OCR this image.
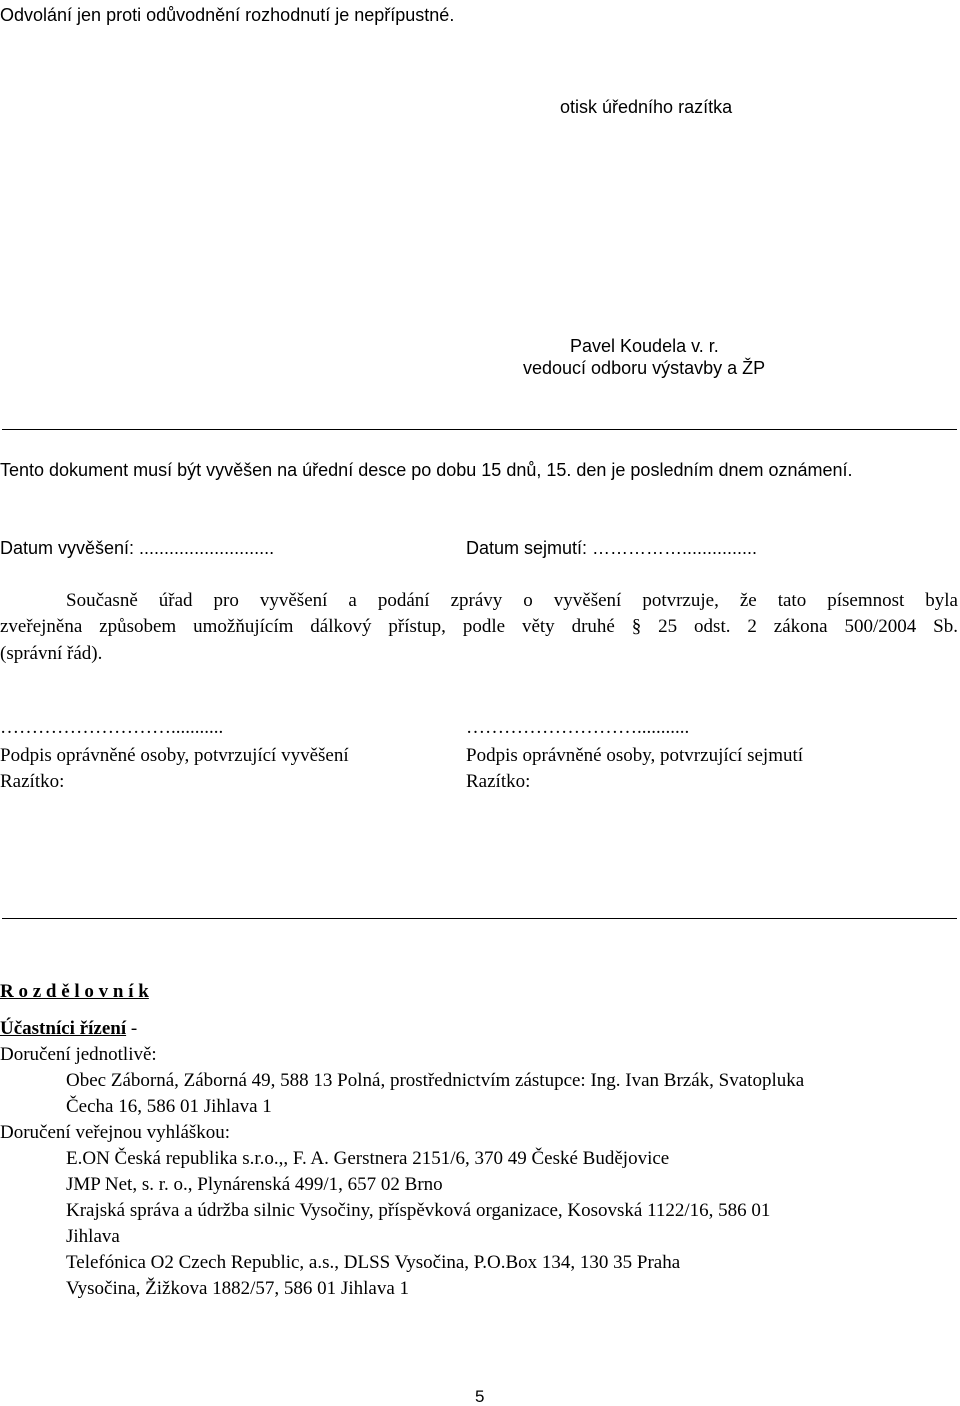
Odvolání jen proti odůvodnění rozhodnutí je nepřípustné.
otisk úředního razítka
Pavel Koudela v. r.
vedoucí odboru výstavby a ŽP
Tento dokument musí být vyvěšen na úřední desce po dobu 15 dnů, 15. den je posledním dnem oznámení.
Datum vyvěšení: ...........................	Datum sejmutí: ……………...............
Současně úřad pro vyvěšení a podání zprávy o vyvěšení potvrzuje, že tato písemnost byla
zveřejněna způsobem umožňujícím dálkový přístup, podle věty druhé § 25 odst. 2 zákona 500/2004 Sb.
(správní řád).
………………………...........
Podpis oprávněné osoby, potvrzující vyvěšení
Razítko:
………………………...........
Podpis oprávněné osoby, potvrzující sejmutí
Razítko:
R o z d ě l o v n í k
Účastníci řízení -
Doručení jednotlivě:
Obec Záborná, Záborná 49, 588 13 Polná, prostřednictvím zástupce: Ing. Ivan Brzák, Svatopluka
Čecha 16, 586 01 Jihlava 1
Doručení veřejnou vyhláškou:
E.ON Česká republika s.r.o.,, F. A. Gerstnera 2151/6, 370 49 České Budějovice
JMP Net, s. r. o., Plynárenská 499/1, 657 02 Brno
Krajská správa a údržba silnic Vysočiny, příspěvková organizace, Kosovská 1122/16, 586 01
Jihlava
Telefónica O2 Czech Republic, a.s., DLSS Vysočina, P.O.Box 134, 130 35 Praha
Vysočina, Žižkova 1882/57, 586 01 Jihlava 1
5
